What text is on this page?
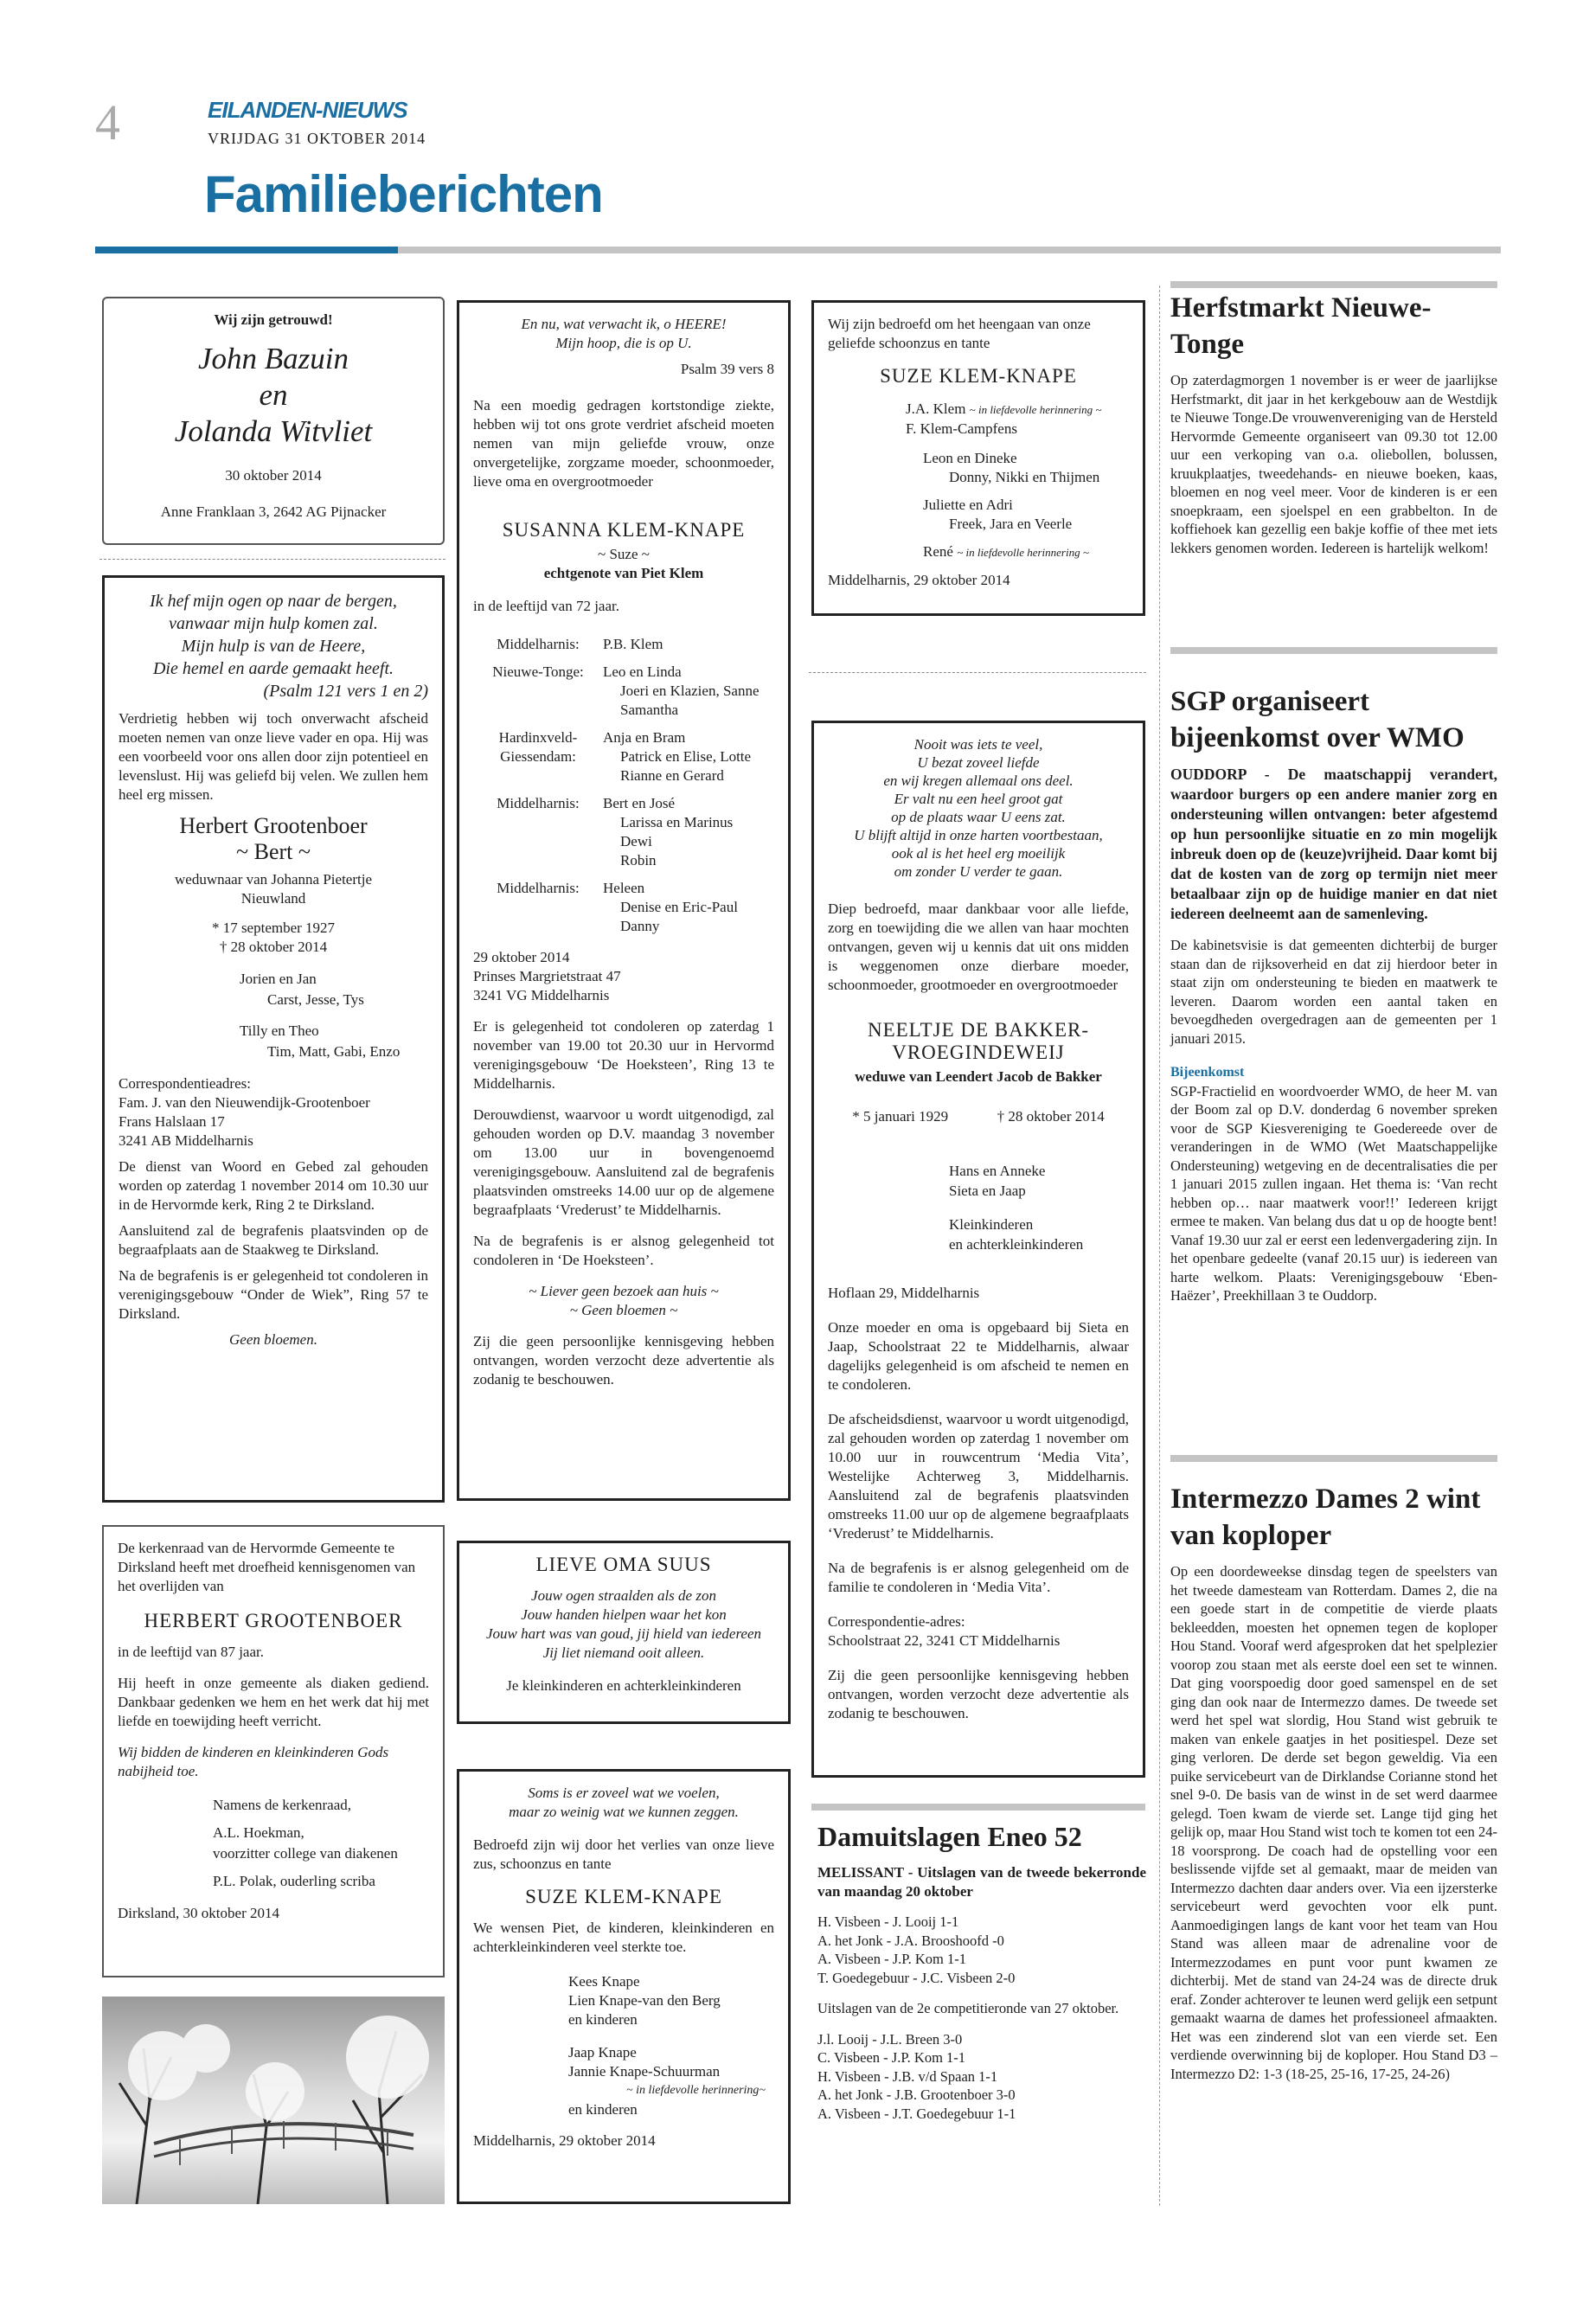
4	EILANDEN-NIEUWS
VRIJDAG 31 OKTOBER 2014
Familieberichten
Wij zijn getrouwd!
John Bazuin
en
Jolanda Witvliet
30 oktober 2014
Anne Franklaan 3, 2642 AG Pijnacker
Ik hef mijn ogen op naar de bergen,
vanwaar mijn hulp komen zal.
Mijn hulp is van de Heere,
Die hemel en aarde gemaakt heeft.
(Psalm 121 vers 1 en 2)
Verdrietig hebben wij toch onverwacht afscheid moeten nemen van onze lieve vader en opa. Hij was een voorbeeld voor ons allen door zijn potentieel en levenslust. Hij was geliefd bij velen. We zullen hem heel erg missen.
Herbert Grootenboer
~ Bert ~
weduwnaar van Johanna Pietertje Nieuwland
* 17 september 1927
† 28 oktober 2014
Jorien en Jan
Carst, Jesse, Tys
Tilly en Theo
Tim, Matt, Gabi, Enzo
Correspondentieadres:
Fam. J. van den Nieuwendijk-Grootenboer
Frans Halslaan 17
3241 AB Middelharnis
De dienst van Woord en Gebed zal gehouden worden op zaterdag 1 november 2014 om 10.30 uur in de Hervormde kerk, Ring 2 te Dirksland.
Aansluitend zal de begrafenis plaatsvinden op de begraafplaats aan de Staakweg te Dirksland.
Na de begrafenis is er gelegenheid tot condoleren in verenigingsgebouw “Onder de Wiek”, Ring 57 te Dirksland.
Geen bloemen.
De kerkenraad van de Hervormde Gemeente te Dirksland heeft met droefheid kennisgenomen van het overlijden van
HERBERT GROOTENBOER
in de leeftijd van 87 jaar.
Hij heeft in onze gemeente als diaken gediend. Dankbaar gedenken we hem en het werk dat hij met liefde en toewijding heeft verricht.
Wij bidden de kinderen en kleinkinderen Gods nabijheid toe.
Namens de kerkenraad,
A.L. Hoekman,
voorzitter college van diakenen
P.L. Polak, ouderling scriba
Dirksland, 30 oktober 2014
En nu, wat verwacht ik, o HEERE!
Mijn hoop, die is op U.
Psalm 39 vers 8
Na een moedig gedragen kortstondige ziekte, hebben wij tot ons grote verdriet afscheid moeten nemen van mijn geliefde vrouw, onze onvergetelijke, zorgzame moeder, schoonmoeder, lieve oma en overgrootmoeder
SUSANNA KLEM-KNAPE
~ Suze ~
echtgenote van Piet Klem
in de leeftijd van 72 jaar.
Middelharnis:	P.B. Klem
Nieuwe-Tonge:	Leo en Linda
Joeri en Klazien, Sanne
Samantha
Hardinxveld-Giessendam:
Anja en Bram
Patrick en Elise, Lotte
Rianne en Gerard
Middelharnis:	Bert en José
Larissa en Marinus
Dewi
Robin
Middelharnis:	Heleen
Denise en Eric-Paul
Danny
29 oktober 2014
Prinses Margrietstraat 47
3241 VG Middelharnis
Er is gelegenheid tot condoleren op zaterdag 1 november van 19.00 tot 20.30 uur in Hervormd verenigingsgebouw ‘De Hoeksteen’, Ring 13 te Middelharnis.
Derouwdienst, waarvoor u wordt uitgenodigd, zal gehouden worden op D.V. maandag 3 november om 13.00 uur in bovengenoemd verenigingsgebouw. Aansluitend zal de begrafenis plaatsvinden omstreeks 14.00 uur op de algemene begraafplaats ‘Vrederust’ te Middelharnis.
Na de begrafenis is er alsnog gelegenheid tot condoleren in ‘De Hoeksteen’.
~ Liever geen bezoek aan huis ~
~ Geen bloemen ~
Zij die geen persoonlijke kennisgeving hebben ontvangen, worden verzocht deze advertentie als zodanig te beschouwen.
LIEVE OMA SUUS
Jouw ogen straalden als de zon
Jouw handen hielpen waar het kon
Jouw hart was van goud, jij hield van iedereen
Jij liet niemand ooit alleen.
Je kleinkinderen en achterkleinkinderen
Soms is er zoveel wat we voelen,
maar zo weinig wat we kunnen zeggen.
Bedroefd zijn wij door het verlies van onze lieve zus, schoonzus en tante
SUZE KLEM-KNAPE
We wensen Piet, de kinderen, kleinkinderen en achterkleinkinderen veel sterkte toe.
Kees Knape
Lien Knape-van den Berg
en kinderen
Jaap Knape
Jannie Knape-Schuurman
~ in liefdevolle herinnering~
en kinderen
Middelharnis, 29 oktober 2014
Wij zijn bedroefd om het heengaan van onze geliefde schoonzus en tante
SUZE KLEM-KNAPE
J.A. Klem ~ in liefdevolle herinnering ~
F. Klem-Campfens
Leon en Dineke
Donny, Nikki en Thijmen
Juliette en Adri
Freek, Jara en Veerle
René ~ in liefdevolle herinnering ~
Middelharnis, 29 oktober 2014
Nooit was iets te veel,
U bezat zoveel liefde
en wij kregen allemaal ons deel.
Er valt nu een heel groot gat
op de plaats waar U eens zat.
U blijft altijd in onze harten voortbestaan,
ook al is het heel erg moeilijk
om zonder U verder te gaan.
Diep bedroefd, maar dankbaar voor alle liefde, zorg en toewijding die we allen van haar mochten ontvangen, geven wij u kennis dat uit ons midden is weggenomen onze dierbare moeder, schoonmoeder, grootmoeder en overgrootmoeder
NEELTJE DE BAKKER-
VROEGINDEWEIJ
weduwe van Leendert Jacob de Bakker
* 5 januari 1929	† 28 oktober 2014
Hans en Anneke
Sieta en Jaap
Kleinkinderen
en achterkleinkinderen
Hoflaan 29, Middelharnis
Onze moeder en oma is opgebaard bij Sieta en Jaap, Schoolstraat 22 te Middelharnis, alwaar dagelijks gelegenheid is om afscheid te nemen en te condoleren.
De afscheidsdienst, waarvoor u wordt uitgenodigd, zal gehouden worden op zaterdag 1 november om 10.00 uur in rouwcentrum ‘Media Vita’, Westelijke Achterweg 3, Middelharnis. Aansluitend zal de begrafenis plaatsvinden omstreeks 11.00 uur op de algemene begraafplaats ‘Vrederust’ te Middelharnis.
Na de begrafenis is er alsnog gelegenheid om de familie te condoleren in ‘Media Vita’.
Correspondentie-adres:
Schoolstraat 22, 3241 CT Middelharnis
Zij die geen persoonlijke kennisgeving hebben ontvangen, worden verzocht deze advertentie als zodanig te beschouwen.
Damuitslagen Eneo 52
MELISSANT - Uitslagen van de tweede bekerronde van maandag 20 oktober
H. Visbeen - J. Looij 1-1
A. het Jonk - J.A. Brooshoofd -0
A. Visbeen - J.P. Kom 1-1
T. Goedegebuur - J.C. Visbeen 2-0
Uitslagen van de 2e competitieronde van 27 oktober.
J.l. Looij - J.L. Breen 3-0
C. Visbeen - J.P. Kom 1-1
H. Visbeen - J.B. v/d Spaan 1-1
A. het Jonk - J.B. Grootenboer 3-0
A. Visbeen - J.T. Goedegebuur 1-1
Herfstmarkt Nieuwe-Tonge
Op zaterdagmorgen 1 november is er weer de jaarlijkse Herfstmarkt, dit jaar in het kerkgebouw aan de Westdijk te Nieuwe Tonge.De vrouwenvereniging van de Hersteld Hervormde Gemeente organiseert van 09.30 tot 12.00 uur een verkoping van o.a. oliebollen, bolussen, kruukplaatjes, tweedehands- en nieuwe boeken, kaas, bloemen en nog veel meer. Voor de kinderen is er een snoepkraam, een sjoelspel en een grabbelton. In de koffiehoek kan gezellig een bakje koffie of thee met iets lekkers genomen worden. Iedereen is hartelijk welkom!
SGP organiseert bijeenkomst over WMO
OUDDORP - De maatschappij verandert, waardoor burgers op een andere manier zorg en ondersteuning willen ontvangen: beter afgestemd op hun persoonlijke situatie en zo min mogelijk inbreuk doen op de (keuze)vrijheid. Daar komt bij dat de kosten van de zorg op termijn niet meer betaalbaar zijn op de huidige manier en dat niet iedereen deelneemt aan de samenleving.
De kabinetsvisie is dat gemeenten dichterbij de burger staan dan de rijksoverheid en dat zij hierdoor beter in staat zijn om ondersteuning te bieden en maatwerk te leveren. Daarom worden een aantal taken en bevoegdheden overgedragen aan de gemeenten per 1 januari 2015.
Bijeenkomst
SGP-Fractielid en woordvoerder WMO, de heer M. van der Boom zal op D.V. donderdag 6 november spreken voor de SGP Kiesvereniging te Goedereede over de veranderingen in de WMO (Wet Maatschappelijke Ondersteuning) wetgeving en de decentralisaties die per 1 januari 2015 zullen ingaan. Het thema is: ‘Van recht hebben op… naar maatwerk voor!!’ Iedereen krijgt ermee te maken. Van belang dus dat u op de hoogte bent! Vanaf 19.30 uur zal er eerst een ledenvergadering zijn. In het openbare gedeelte (vanaf 20.15 uur) is iedereen van harte welkom. Plaats: Verenigingsgebouw ‘Eben-Haëzer’, Preekhillaan 3 te Ouddorp.
Intermezzo Dames 2 wint van koploper
Op een doordeweekse dinsdag tegen de speelsters van het tweede damesteam van Rotterdam. Dames 2, die na een goede start in de competitie de vierde plaats bekleedden, moesten het opnemen tegen de koploper Hou Stand. Vooraf werd afgesproken dat het spelplezier voorop zou staan met als eerste doel een set te winnen. Dat ging voorspoedig door goed samenspel en de set ging dan ook naar de Intermezzo dames. De tweede set werd het spel wat slordig, Hou Stand wist gebruik te maken van enkele gaatjes in het positiespel. Deze set ging verloren. De derde set begon geweldig. Via een puike servicebeurt van de Dirklandse Corianne stond het snel 9-0. De basis van de winst in de set werd daarmee gelegd. Toen kwam de vierde set. Lange tijd ging het gelijk op, maar Hou Stand wist toch te komen tot een 24-18 voorsprong. De coach had de opstelling voor een beslissende vijfde set al gemaakt, maar de meiden van Intermezzo dachten daar anders over. Via een ijzersterke servicebeurt werd gevochten voor elk punt. Aanmoedigingen langs de kant voor het team van Hou Stand was alleen maar de adrenaline voor de Intermezzodames en punt voor punt kwamen ze dichterbij. Met de stand van 24-24 was de directe druk eraf. Zonder achterover te leunen werd gelijk een setpunt gemaakt waarna de dames het professioneel afmaakten. Het was een zinderend slot van een vierde set. Een verdiende overwinning bij de koploper. Hou Stand D3 – Intermezzo D2: 1-3 (18-25, 25-16, 17-25, 24-26)
